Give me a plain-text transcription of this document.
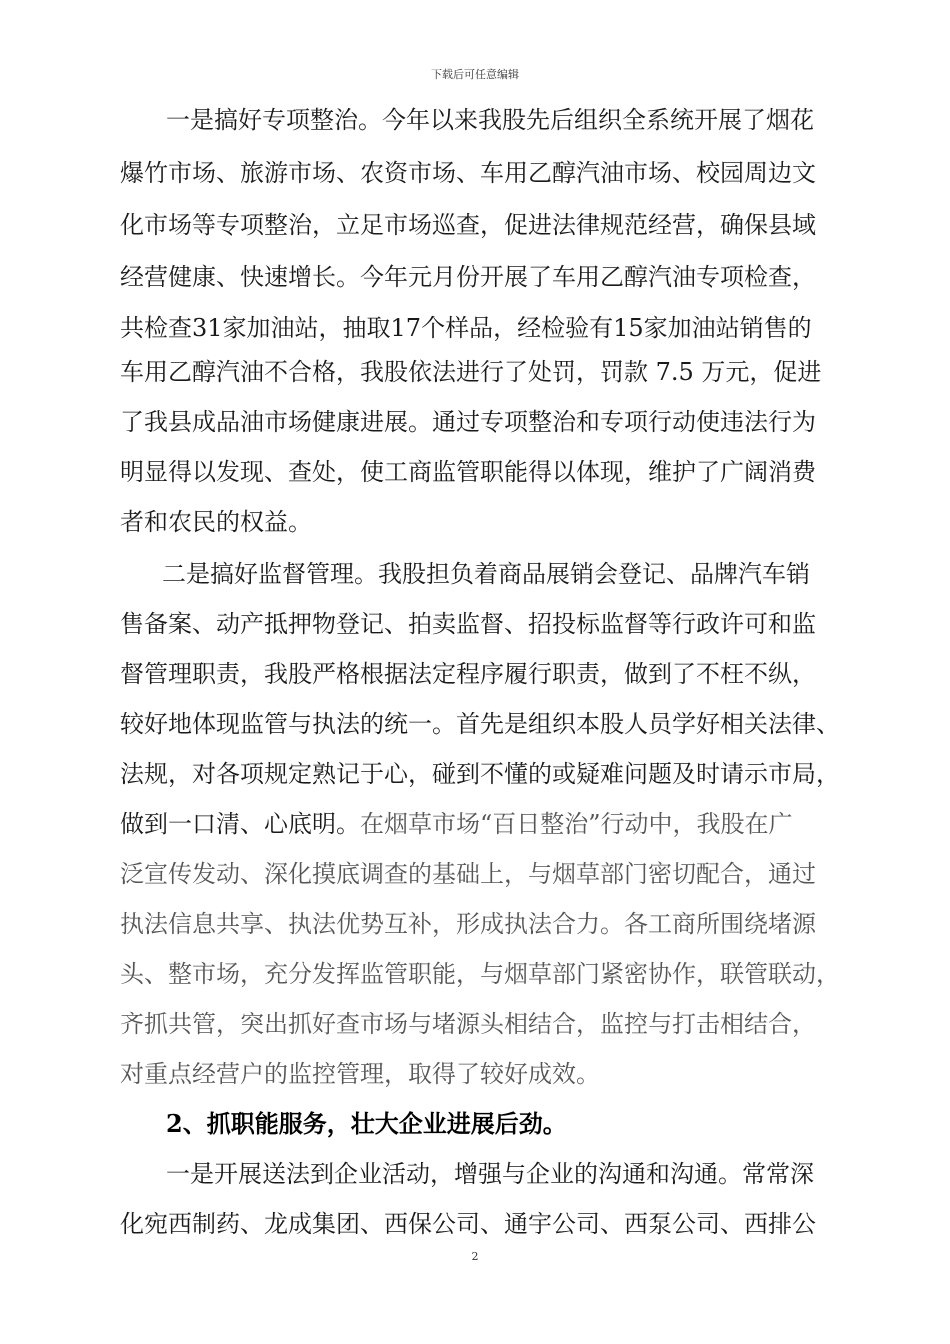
下载后可任意编辑
一是搞好专项整治。今年以来我股先后组织全系统开展了烟花
爆竹市场、旅游市场、农资市场、车用乙醇汽油市场、校园周边文
化市场等专项整治，立足市场巡查，促进法律规范经营，确保县域
经营健康、快速增长。今年元月份开展了车用乙醇汽油专项检查，
共检查31家加油站，抽取17个样品，经检验有15家加油站销售的
车用乙醇汽油不合格，我股依法进行了处罚，罚款 7.5 万元，促进
了我县成品油市场健康进展。通过专项整治和专项行动使违法行为
明显得以发现、查处，使工商监管职能得以体现，维护了广阔消费
者和农民的权益。
二是搞好监督管理。我股担负着商品展销会登记、品牌汽车销
售备案、动产抵押物登记、拍卖监督、招投标监督等行政许可和监
督管理职责，我股严格根据法定程序履行职责，做到了不枉不纵，
较好地体现监管与执法的统一。首先是组织本股人员学好相关法律、
法规，对各项规定熟记于心，碰到不懂的或疑难问题及时请示市局，
做到一口清、心底明。在烟草市场“百日整治”行动中，我股在广
泛宣传发动、深化摸底调查的基础上，与烟草部门密切配合，通过
执法信息共享、执法优势互补，形成执法合力。各工商所围绕堵源
头、整市场，充分发挥监管职能，与烟草部门紧密协作，联管联动，
齐抓共管，突出抓好查市场与堵源头相结合，监控与打击相结合，
对重点经营户的监控管理，取得了较好成效。
2、抓职能服务，壮大企业进展后劲。
一是开展送法到企业活动，增强与企业的沟通和沟通。常常深
化宛西制药、龙成集团、西保公司、通宇公司、西泵公司、西排公
2
